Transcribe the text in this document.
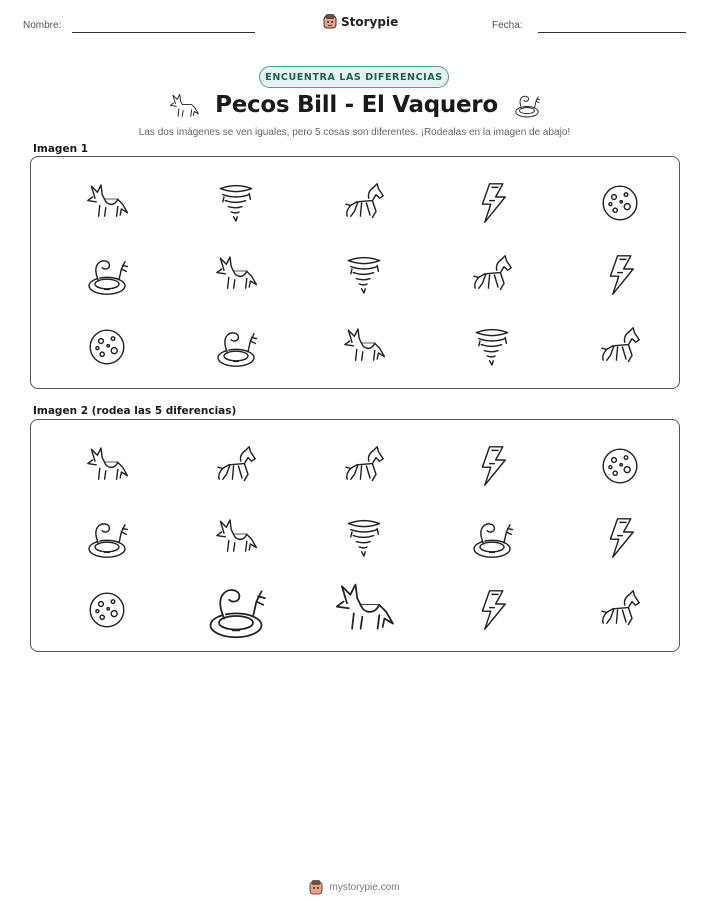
Nombre:	Storypie	Fecha:
ENCUENTRA LAS DIFERENCIAS
Pecos Bill - El Vaquero
Las dos imágenes se ven iguales, pero 5 cosas son diferentes. ¡Rodealas en la imagen de abajo!
Imagen 1
Imagen 2 (rodea las 5 diferencias)
mystorypie.com
